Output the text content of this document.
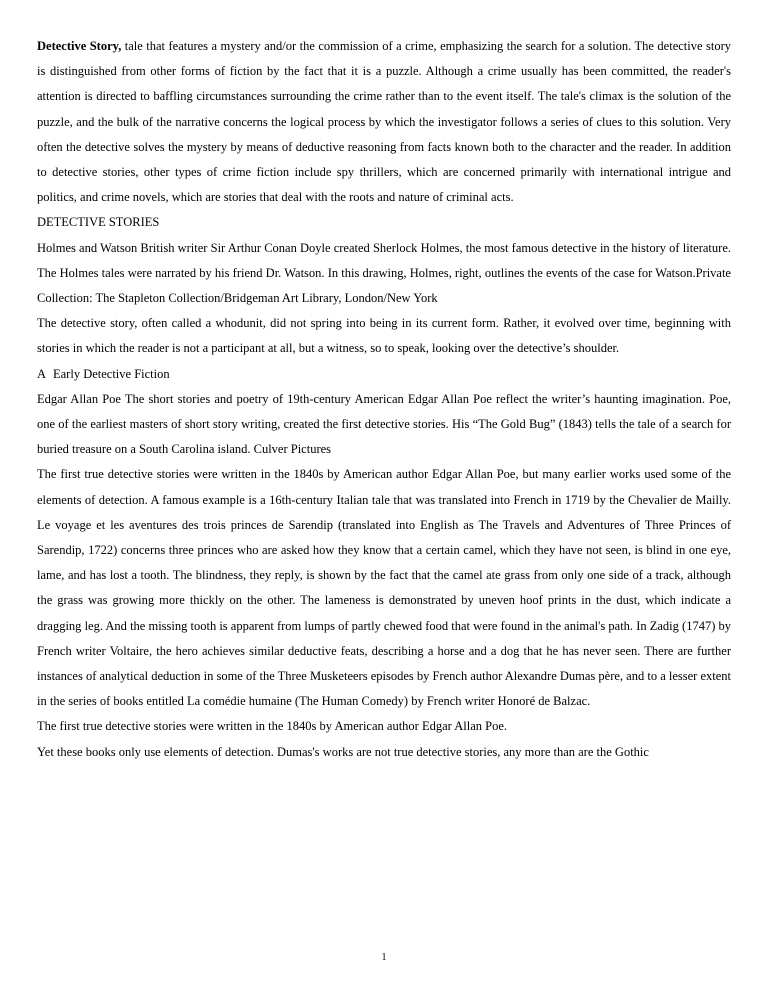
Detective Story, tale that features a mystery and/or the commission of a crime, emphasizing the search for a solution. The detective story is distinguished from other forms of fiction by the fact that it is a puzzle. Although a crime usually has been committed, the reader's attention is directed to baffling circumstances surrounding the crime rather than to the event itself. The tale's climax is the solution of the puzzle, and the bulk of the narrative concerns the logical process by which the investigator follows a series of clues to this solution. Very often the detective solves the mystery by means of deductive reasoning from facts known both to the character and the reader. In addition to detective stories, other types of crime fiction include spy thrillers, which are concerned primarily with international intrigue and politics, and crime novels, which are stories that deal with the roots and nature of criminal acts.

DETECTIVE STORIES

Holmes and Watson British writer Sir Arthur Conan Doyle created Sherlock Holmes, the most famous detective in the history of literature. The Holmes tales were narrated by his friend Dr. Watson. In this drawing, Holmes, right, outlines the events of the case for Watson.Private Collection: The Stapleton Collection/Bridgeman Art Library, London/New York

The detective story, often called a whodunit, did not spring into being in its current form. Rather, it evolved over time, beginning with stories in which the reader is not a participant at all, but a witness, so to speak, looking over the detective’s shoulder.

A Early Detective Fiction

Edgar Allan Poe The short stories and poetry of 19th-century American Edgar Allan Poe reflect the writer’s haunting imagination. Poe, one of the earliest masters of short story writing, created the first detective stories. His “The Gold Bug” (1843) tells the tale of a search for buried treasure on a South Carolina island. Culver Pictures

The first true detective stories were written in the 1840s by American author Edgar Allan Poe, but many earlier works used some of the elements of detection. A famous example is a 16th-century Italian tale that was translated into French in 1719 by the Chevalier de Mailly. Le voyage et les aventures des trois princes de Sarendip (translated into English as The Travels and Adventures of Three Princes of Sarendip, 1722) concerns three princes who are asked how they know that a certain camel, which they have not seen, is blind in one eye, lame, and has lost a tooth. The blindness, they reply, is shown by the fact that the camel ate grass from only one side of a track, although the grass was growing more thickly on the other. The lameness is demonstrated by uneven hoof prints in the dust, which indicate a dragging leg. And the missing tooth is apparent from lumps of partly chewed food that were found in the animal's path. In Zadig (1747) by French writer Voltaire, the hero achieves similar deductive feats, describing a horse and a dog that he has never seen. There are further instances of analytical deduction in some of the Three Musketeers episodes by French author Alexandre Dumas père, and to a lesser extent in the series of books entitled La comédie humaine (The Human Comedy) by French writer Honoré de Balzac.

The first true detective stories were written in the 1840s by American author Edgar Allan Poe.

Yet these books only use elements of detection. Dumas's works are not true detective stories, any more than are the Gothic

1
